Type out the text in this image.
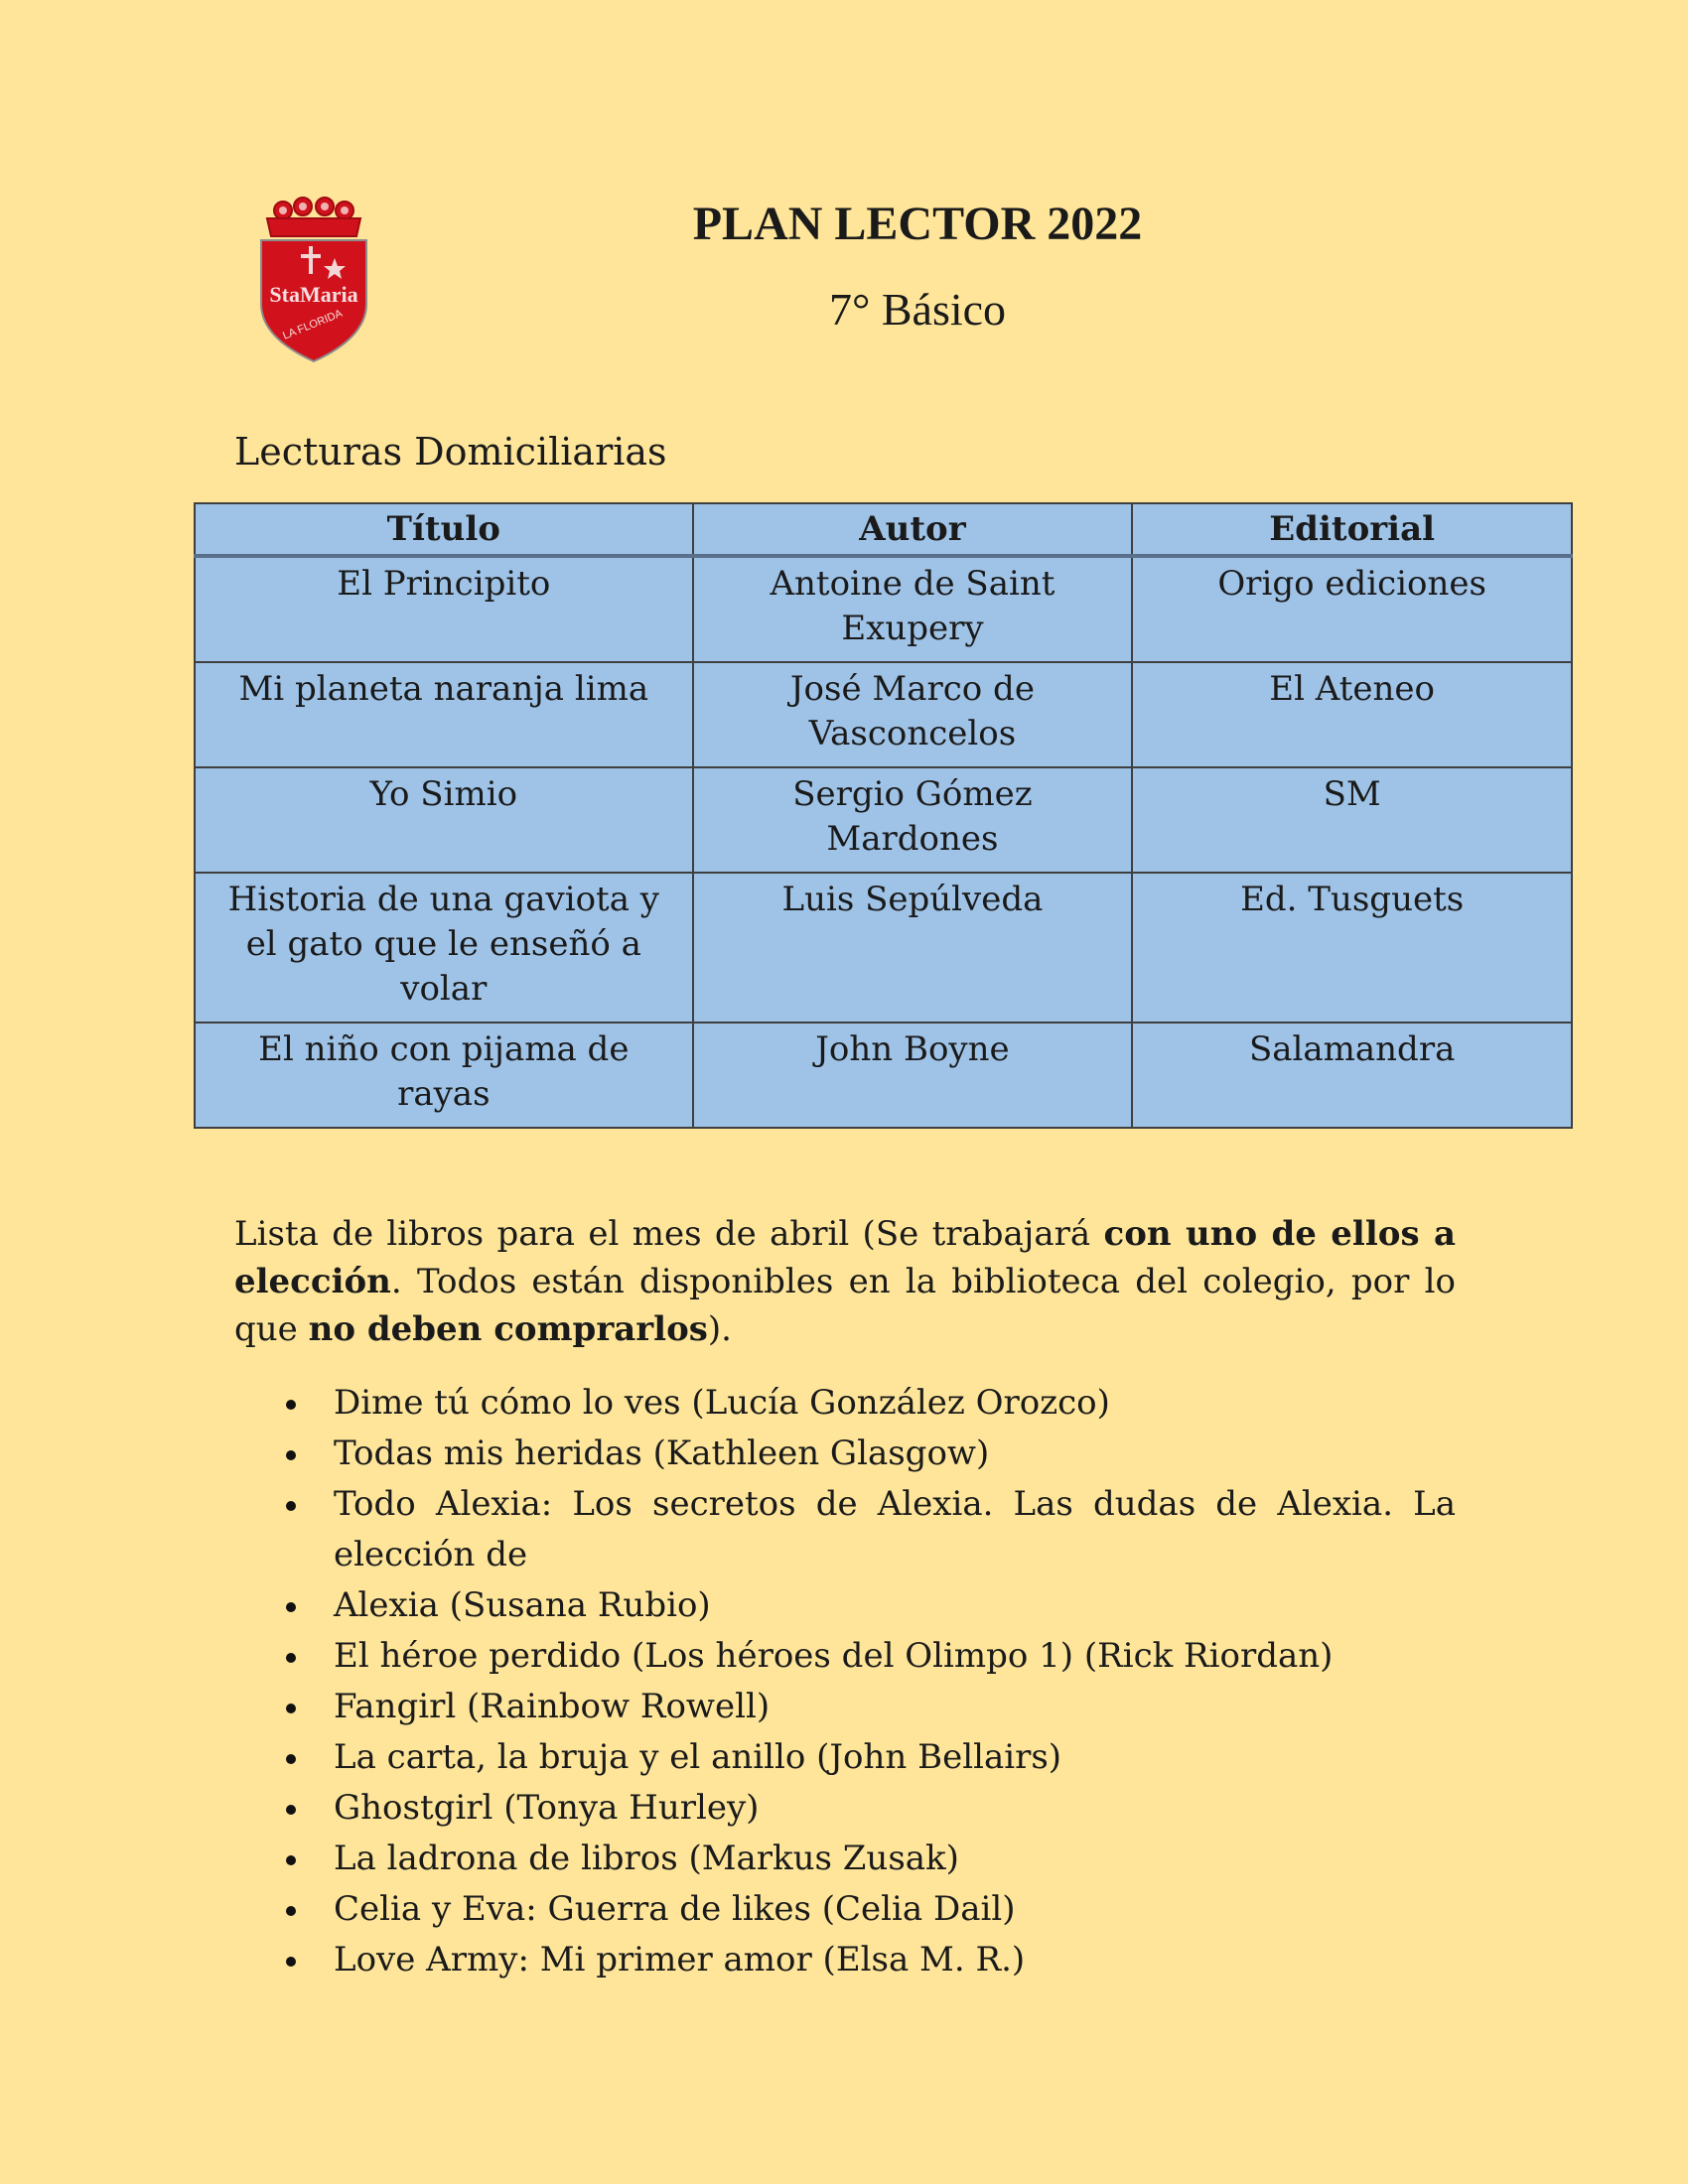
StaMaria
LA FLORIDA
PLAN LECTOR 2022
7° Básico
Lecturas Domiciliarias
Título	Autor	Editorial
El Principito	Antoine de Saint Exupery	Origo ediciones
Mi planeta naranja lima	José Marco de Vasconcelos	El Ateneo
Yo Simio	Sergio Gómez Mardones	SM
Historia de una gaviota y el gato que le enseñó a volar	Luis Sepúlveda	Ed. Tusguets
El niño con pijama de rayas	John Boyne	Salamandra

Lista de libros para el mes de abril (Se trabajará con uno de ellos a elección. Todos están disponibles en la biblioteca del colegio, por lo que no deben comprarlos).

Dime tú cómo lo ves (Lucía González Orozco)
Todas mis heridas (Kathleen Glasgow)
Todo Alexia: Los secretos de Alexia. Las dudas de Alexia. La elección de
Alexia (Susana Rubio)
El héroe perdido (Los héroes del Olimpo 1) (Rick Riordan)
Fangirl (Rainbow Rowell)
La carta, la bruja y el anillo (John Bellairs)
Ghostgirl (Tonya Hurley)
La ladrona de libros (Markus Zusak)
Celia y Eva: Guerra de likes (Celia Dail)
Love Army: Mi primer amor (Elsa M. R.)
